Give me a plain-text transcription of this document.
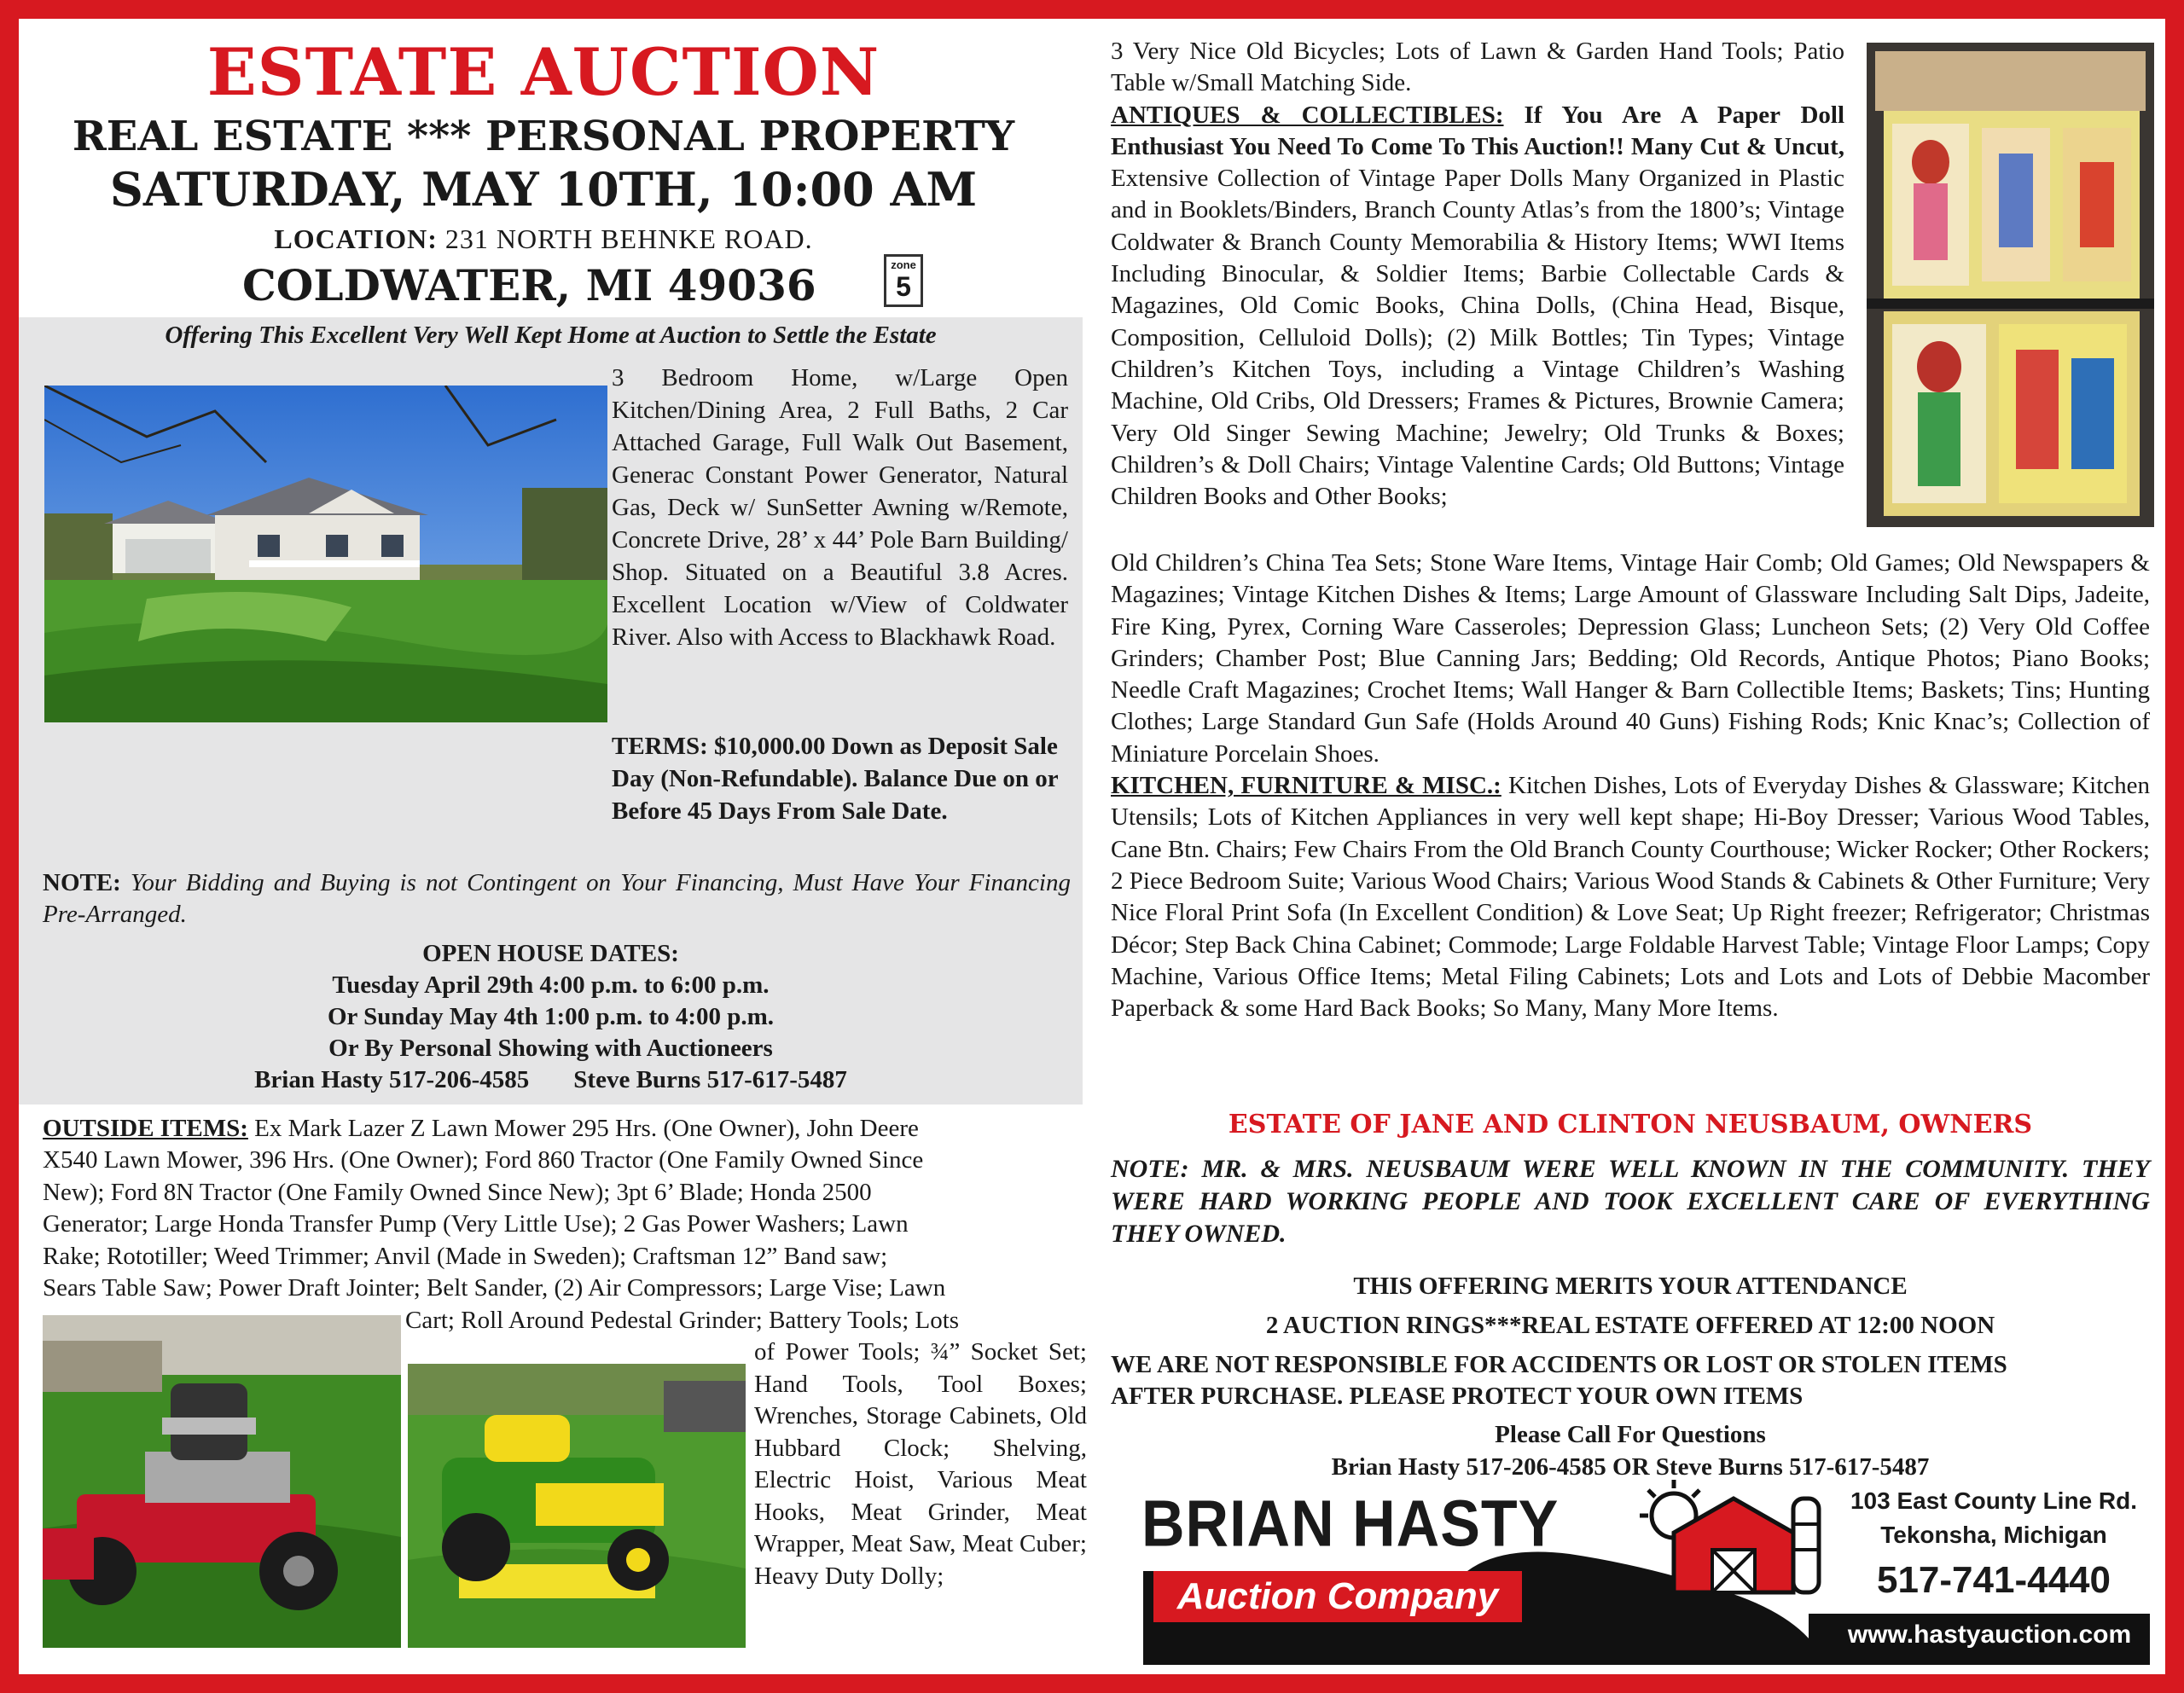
ESTATE AUCTION
REAL ESTATE *** PERSONAL PROPERTY
SATURDAY, MAY 10TH, 10:00 AM
LOCATION: 231 NORTH BEHNKE ROAD.
COLDWATER, MI 49036	zone
5
Offering This Excellent Very Well Kept Home at Auction to Settle the Estate
3 Bedroom Home, w/Large Open Kitchen/Dining Area, 2 Full Baths, 2 Car Attached Garage, Full Walk Out Basement, Generac Constant Power Generator, Natural Gas, Deck w/ SunSetter Awning w/Remote, Concrete Drive, 28’ x 44’ Pole Barn Building/ Shop. Situated on a Beautiful 3.8 Acres. Excellent Location w/View of Coldwater River. Also with Access to Blackhawk Road.
TERMS: $10,000.00 Down as Deposit Sale Day (Non-Refundable). Balance Due on or Before 45 Days From Sale Date.
NOTE: Your Bidding and Buying is not Contingent on Your Financing, Must Have Your Financing Pre-Arranged.
OPEN HOUSE DATES:
Tuesday April 29th 4:00 p.m. to 6:00 p.m.
Or Sunday May 4th 1:00 p.m. to 4:00 p.m.
Or By Personal Showing with Auctioneers
Brian Hasty 517-206-4585 Steve Burns 517-617-5487
OUTSIDE ITEMS: Ex Mark Lazer Z Lawn Mower 295 Hrs. (One Owner), John Deere
X540 Lawn Mower, 396 Hrs. (One Owner); Ford 860 Tractor (One Family Owned Since
New); Ford 8N Tractor (One Family Owned Since New); 3pt 6’ Blade; Honda 2500
Generator; Large Honda Transfer Pump (Very Little Use); 2 Gas Power Washers; Lawn
Rake; Rototiller; Weed Trimmer; Anvil (Made in Sweden); Craftsman 12” Band saw;
Sears Table Saw; Power Draft Jointer; Belt Sander, (2) Air Compressors; Large Vise; Lawn
Cart; Roll Around Pedestal Grinder; Battery Tools; Lots
of Power Tools; ¾” Socket Set; Hand Tools, Tool Boxes; Wrenches, Storage Cabinets, Old Hubbard Clock; Shelving, Electric Hoist, Various Meat Hooks, Meat Grinder, Meat Wrapper, Meat Saw, Meat Cuber; Heavy Duty Dolly;
3 Very Nice Old Bicycles; Lots of Lawn & Garden Hand Tools; Patio Table w/Small Matching Side.
ANTIQUES & COLLECTIBLES: If You Are A Paper Doll Enthusiast You Need To Come To This Auction!! Many Cut & Uncut, Extensive Collection of Vintage Paper Dolls Many Organized in Plastic and in Booklets/Binders, Branch County Atlas’s from the 1800’s; Vintage Coldwater & Branch County Memorabilia & History Items; WWI Items Including Binocular, & Soldier Items; Barbie Collectable Cards & Magazines, Old Comic Books, China Dolls, (China Head, Bisque, Composition, Celluloid Dolls); (2) Milk Bottles; Tin Types; Vintage Children’s Kitchen Toys, including a Vintage Children’s Washing Machine, Old Cribs, Old Dressers; Frames & Pictures, Brownie Camera; Very Old Singer Sewing Machine; Jewelry; Old Trunks & Boxes; Children’s & Doll Chairs; Vintage Valentine Cards; Old Buttons; Vintage Children Books and Other Books;
Old Children’s China Tea Sets; Stone Ware Items, Vintage Hair Comb; Old Games; Old Newspapers & Magazines; Vintage Kitchen Dishes & Items; Large Amount of Glassware Including Salt Dips, Jadeite, Fire King, Pyrex, Corning Ware Casseroles; Depression Glass; Luncheon Sets; (2) Very Old Coffee Grinders; Chamber Post; Blue Canning Jars; Bedding; Old Records, Antique Photos; Piano Books; Needle Craft Magazines; Crochet Items; Wall Hanger & Barn Collectible Items; Baskets; Tins; Hunting Clothes; Large Standard Gun Safe (Holds Around 40 Guns) Fishing Rods; Knic Knac’s; Collection of Miniature Porcelain Shoes.
KITCHEN, FURNITURE & MISC.: Kitchen Dishes, Lots of Everyday Dishes & Glassware; Kitchen Utensils; Lots of Kitchen Appliances in very well kept shape; Hi-Boy Dresser; Various Wood Tables, Cane Btn. Chairs; Few Chairs From the Old Branch County Courthouse; Wicker Rocker; Other Rockers; 2 Piece Bedroom Suite; Various Wood Chairs; Various Wood Stands & Cabinets & Other Furniture; Very Nice Floral Print Sofa (In Excellent Condition) & Love Seat; Up Right freezer; Refrigerator; Christmas Décor; Step Back China Cabinet; Commode; Large Foldable Harvest Table; Vintage Floor Lamps; Copy Machine, Various Office Items; Metal Filing Cabinets; Lots and Lots and Lots of Debbie Macomber Paperback & some Hard Back Books; So Many, Many More Items.
ESTATE OF JANE AND CLINTON NEUSBAUM, OWNERS
NOTE: MR. & MRS. NEUSBAUM WERE WELL KNOWN IN THE COMMUNITY. THEY WERE HARD WORKING PEOPLE AND TOOK EXCELLENT CARE OF EVERYTHING THEY OWNED.
THIS OFFERING MERITS YOUR ATTENDANCE
2 AUCTION RINGS***REAL ESTATE OFFERED AT 12:00 NOON
WE ARE NOT RESPONSIBLE FOR ACCIDENTS OR LOST OR STOLEN ITEMS
AFTER PURCHASE. PLEASE PROTECT YOUR OWN ITEMS
Please Call For Questions
Brian Hasty 517-206-4585 OR Steve Burns 517-617-5487
BRIAN HASTY
Auction Company
103 East County Line Rd.
Tekonsha, Michigan
517-741-4440
www.hastyauction.com
